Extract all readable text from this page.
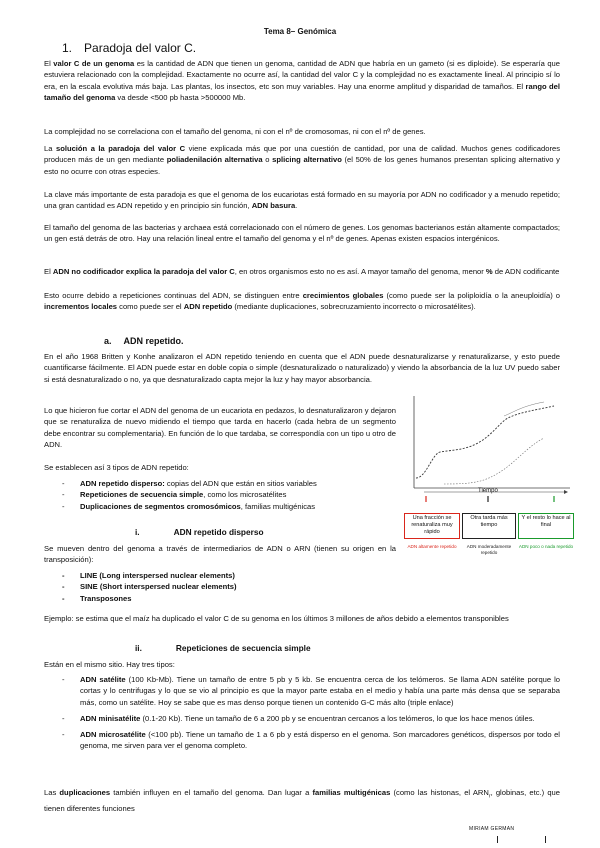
Tema 8– Genómica
1. Paradoja del valor C.

El valor C de un genoma es la cantidad de ADN que tienen un genoma, cantidad de ADN que habría en un gameto (si es diploide). Se esperaría que estuviera relacionado con la complejidad. Exactamente no ocurre así, la cantidad del valor C y la complejidad no es exactamente lineal. Al principio sí lo era, en la escala evolutiva más baja. Las plantas, los insectos, etc son muy variables. Hay una enorme amplitud y disparidad de tamaños. El rango del tamaño del genoma va desde <500 pb hasta >500000 Mb.

La complejidad no se correlaciona con el tamaño del genoma, ni con el nº de cromosomas, ni con el nº de genes.

La solución a la paradoja del valor C viene explicada más que por una cuestión de cantidad, por una de calidad. Muchos genes codificadores producen más de un gen mediante poliadenilación alternativa o splicing alternativo (el 50% de los genes humanos presentan splicing alternativo y esto no ocurre con otras especies.

La clave más importante de esta paradoja es que el genoma de los eucariotas está formado en su mayoría por ADN no codificador y a menudo repetido; una gran cantidad es ADN repetido y en principio sin función, ADN basura.

El tamaño del genoma de las bacterias y archaea está correlacionado con el número de genes. Los genomas bacterianos están altamente compactados; un gen está detrás de otro. Hay una relación lineal entre el tamaño del genoma y el nº de genes. Apenas existen espacios intergénicos.

El ADN no codificador explica la paradoja del valor C, en otros organismos esto no es así. A mayor tamaño del genoma, menor % de ADN codificante

Esto ocurre debido a repeticiones continuas del ADN, se distinguen entre crecimientos globales (como puede ser la poliploidía o la aneuploidía) o incrementos locales como puede ser el ADN repetido (mediante duplicaciones, sobrecruzamiento incorrecto o microsatélites).

a. ADN repetido.

En el año 1968 Britten y Konhe analizaron el ADN repetido teniendo en cuenta que el ADN puede desnaturalizarse y renaturalizarse, y esto puede cuantificarse fácilmente. El ADN puede estar en doble copia o simple (desnaturalizado o naturalizado) y viendo la absorbancia de la luz UV puedo saber si está desnaturalizado o no, ya que desnaturalizado capta mejor la luz y hay mayor absorbancia.

Lo que hicieron fue cortar el ADN del genoma de un eucariota en pedazos, lo desnaturalizaron y dejaron que se renaturaliza de nuevo midiendo el tiempo que tarda en hacerlo (cada hebra de un segmento debe encontrar su complementaria). En función de lo que tardaba, se correspondía con un tipo u otro de ADN.

Se establecen así 3 tipos de ADN repetido:

- ADN repetido disperso: copias del ADN que están en sitios variables
- Repeticiones de secuencia simple, como los microsatélites
- Duplicaciones de segmentos cromosómicos, familias multigénicas
i.	ADN repetido disperso

Se mueven dentro del genoma a través de intermediarios de ADN o ARN (tienen su origen en la transposición):

- LINE (Long interspersed nuclear elements)
- SINE (Short interspersed nuclear elements)
- Transposones

Ejemplo: se estima que el maíz ha duplicado el valor C de su genoma en los últimos 3 millones de años debido a elementos transponibles

ii.	Repeticiones de secuencia simple

Están en el mismo sitio. Hay tres tipos:

- ADN satélite (100 Kb-Mb). Tiene un tamaño de entre 5 pb y 5 kb. Se encuentra cerca de los telómeros. Se llama ADN satélite porque lo cortas y lo centrifugas y lo que se vio al principio es que la mayor parte estaba en el medio y había una parte más densa que se separaba más, como un satélite. Hoy se sabe que es mas denso porque tienen un contenido G-C más alto (triple enlace)
- ADN minisatélite (0.1-20 Kb). Tiene un tamaño de 6 a 200 pb y se encuentran cercanos a los telómeros, lo que los hace menos útiles.
- ADN microsatélite (<100 pb). Tiene un tamaño de 1 a 6 pb y está disperso en el genoma. Son marcadores genéticos, dispersos por todo el genoma, me sirven para ver el genoma completo.

Las duplicaciones también influyen en el tamaño del genoma. Dan lugar a familias multigénicas (como las histonas, el $ARN_r$, globinas, etc.) que tienen diferentes funciones

Tiempo
Una fracción se renaturaliza muy rápido
Otra tarda más tiempo
Y el resto lo hace al final
ADN altamente repetido	ADN moderadamente repetido
ADN poco o nada repetido
MIRIAM GERMAN
